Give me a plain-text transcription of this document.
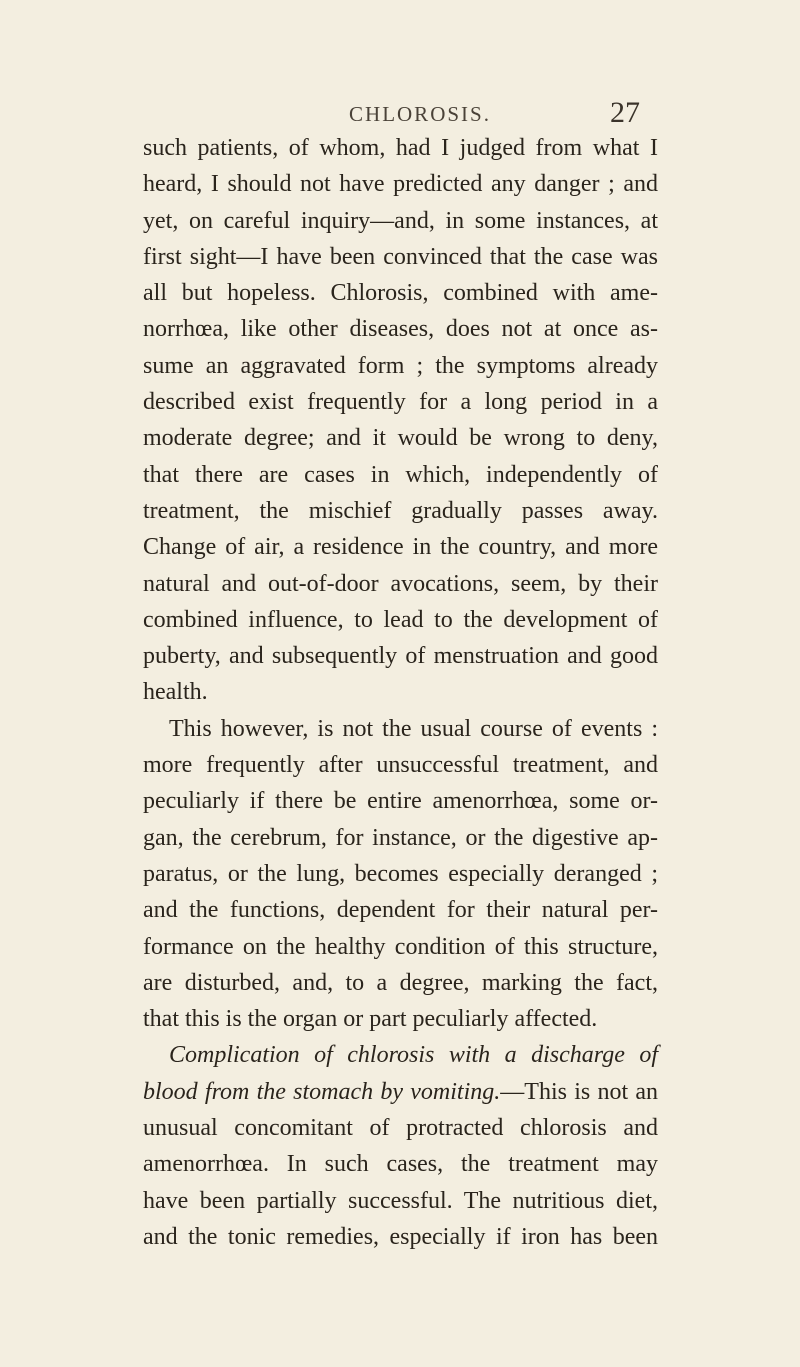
CHLOROSIS.	27
such patients, of whom, had I judged from what I
heard, I should not have predicted any danger ; and
yet, on careful inquiry—and, in some instances, at
first sight—I have been convinced that the case was
all but hopeless. Chlorosis, combined with ame-
norrhœa, like other diseases, does not at once as-
sume an aggravated form ; the symptoms already
described exist frequently for a long period in a
moderate degree; and it would be wrong to deny,
that there are cases in which, independently of
treatment, the mischief gradually passes away.
Change of air, a residence in the country, and more
natural and out-of-door avocations, seem, by their
combined influence, to lead to the development of
puberty, and subsequently of menstruation and good
health.
This however, is not the usual course of events :
more frequently after unsuccessful treatment, and
peculiarly if there be entire amenorrhœa, some or-
gan, the cerebrum, for instance, or the digestive ap-
paratus, or the lung, becomes especially deranged ;
and the functions, dependent for their natural per-
formance on the healthy condition of this structure,
are disturbed, and, to a degree, marking the fact,
that this is the organ or part peculiarly affected.
Complication of chlorosis with a discharge of
blood from the stomach by vomiting.—This is not an
unusual concomitant of protracted chlorosis and
amenorrhœa. In such cases, the treatment may
have been partially successful. The nutritious diet,
and the tonic remedies, especially if iron has been
